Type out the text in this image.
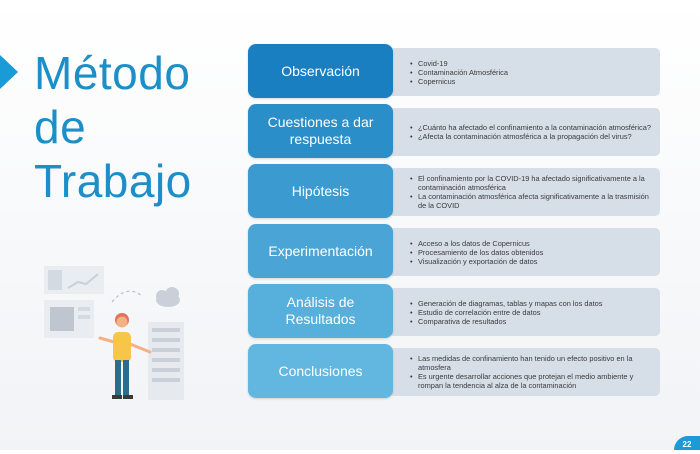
Método
de
Trabajo
• Covid-19
• Contaminación Atmosférica
• Copernicus
Observación
• ¿Cuánto ha afectado el confinamiento a la contaminación atmosférica?
• ¿Afecta la contaminación atmosférica a la propagación del virus?
Cuestiones a dar respuesta
• El confinamiento por la COVID-19 ha afectado significativamente a la contaminación atmosférica
• La contaminación atmosférica afecta significativamente a la trasmisión de la COVID
Hipótesis
• Acceso a los datos de Copernicus
• Procesamiento de los datos obtenidos
• Visualización y exportación de datos
Experimentación
• Generación de diagramas, tablas y mapas con los datos
• Estudio de correlación entre de datos
• Comparativa de resultados
Análisis de Resultados
• Las medidas de confinamiento han tenido un efecto positivo en la atmosfera
• Es urgente desarrollar acciones que protejan el medio ambiente y rompan la tendencia al alza de la contaminación
Conclusiones
22
